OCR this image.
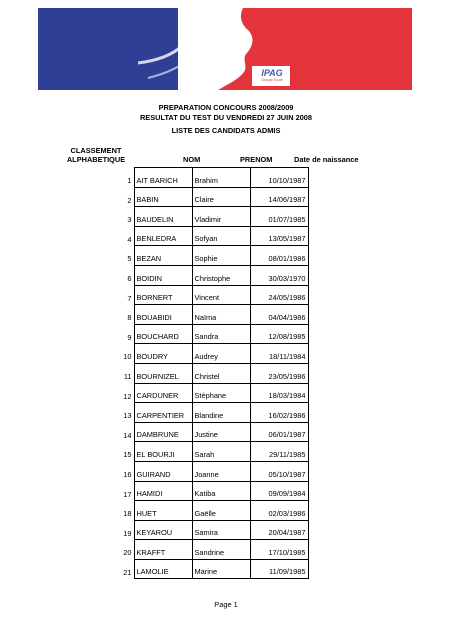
IPAG
Groupe Ecole
PREPARATION CONCOURS 2008/2009
RESULTAT DU TEST DU VENDREDI 27 JUIN 2008
LISTE DES CANDIDATS ADMIS
CLASSEMENT
ALPHABETIQUE	NOM	PRENOM	Date de naissance
1	AIT BARICH	Brahim	10/10/1987
2	BABIN	Claire	14/06/1987
3	BAUDELIN	Vladimir	01/07/1985
4	BENLEDRA	Sofyan	13/05/1987
5	BEZAN	Sophie	08/01/1986
6	BOIDIN	Christophe	30/03/1970
7	BORNERT	Vincent	24/05/1986
8	BOUABIDI	Naïma	04/04/1986
9	BOUCHARD	Sandra	12/08/1985
10	BOUDRY	Audrey	18/11/1984
11	BOURNIZEL	Christel	23/05/1986
12	CARDUNER	Stéphane	18/03/1984
13	CARPENTIER	Blandine	16/02/1986
14	DAMBRUNE	Justine	06/01/1987
15	EL BOURJI	Sarah	29/11/1985
16	GUIRAND	Joanne	05/10/1987
17	HAMIDI	Katiba	09/09/1984
18	HUET	Gaëlle	02/03/1986
19	KEYAROU	Samira	20/04/1987
20	KRAFFT	Sandrine	17/10/1985
21	LAMOLIE	Marine	11/09/1985
Page 1
